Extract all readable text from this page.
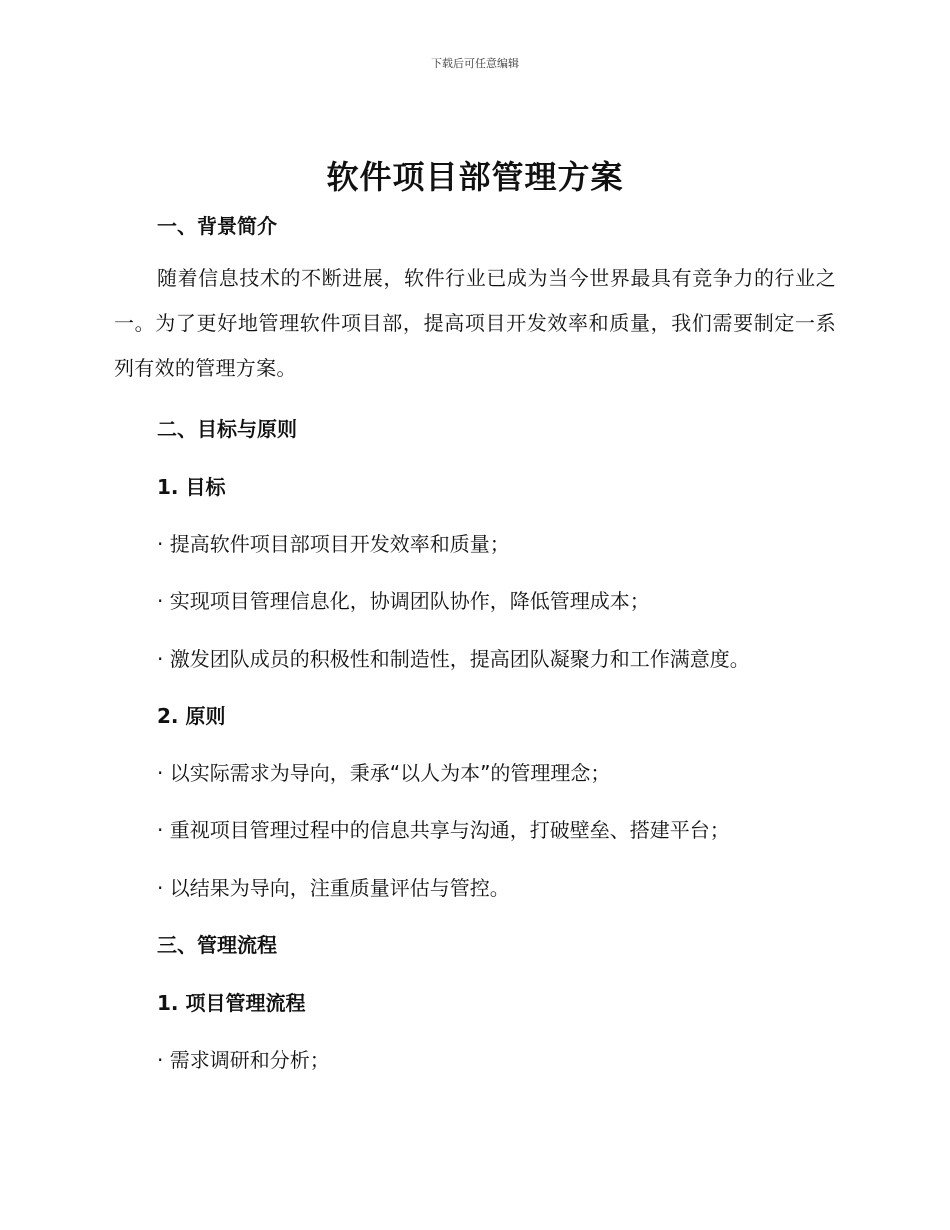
下载后可任意编辑
软件项目部管理方案
一、背景简介
随着信息技术的不断进展，软件行业已成为当今世界最具有竞争力的行业之一。为了更好地管理软件项目部，提高项目开发效率和质量，我们需要制定一系列有效的管理方案。
二、目标与原则
1. 目标
· 提高软件项目部项目开发效率和质量；
· 实现项目管理信息化，协调团队协作，降低管理成本；
· 激发团队成员的积极性和制造性，提高团队凝聚力和工作满意度。
2. 原则
· 以实际需求为导向，秉承“以人为本”的管理理念；
· 重视项目管理过程中的信息共享与沟通，打破壁垒、搭建平台；
· 以结果为导向，注重质量评估与管控。
三、管理流程
1. 项目管理流程
· 需求调研和分析；
